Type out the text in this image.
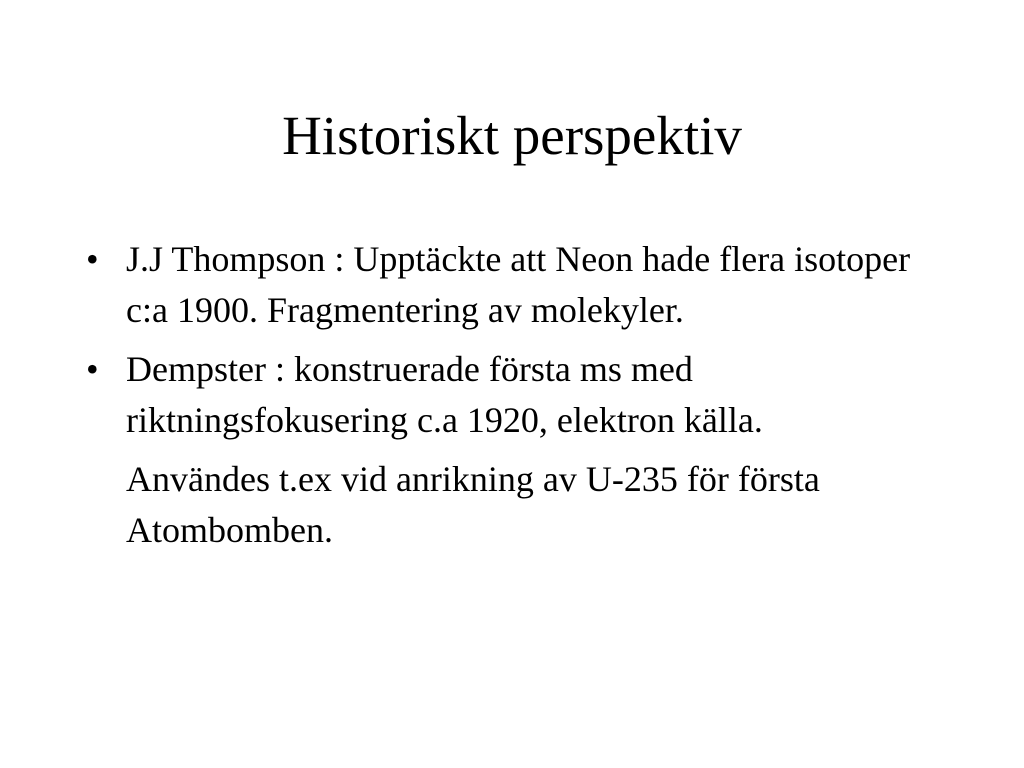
Historiskt perspektiv
• J.J Thompson : Upptäckte att Neon hade flera isotoper c:a 1900. Fragmentering av molekyler.
• Dempster : konstruerade första ms med riktningsfokusering c.a 1920, elektron källa.
Användes t.ex vid anrikning av U-235 för första Atombomben.
